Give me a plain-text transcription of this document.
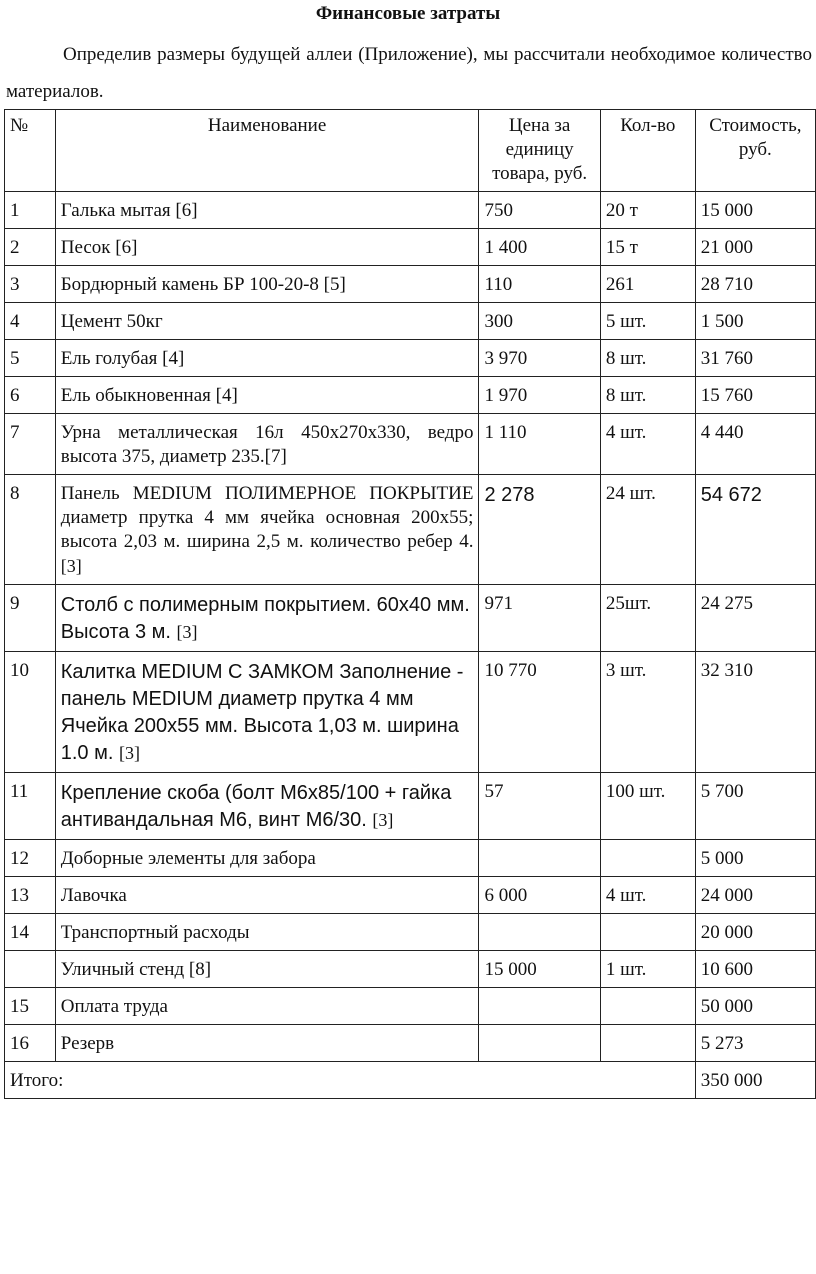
Финансовые затраты
Определив размеры будущей аллеи (Приложение), мы рассчитали необходимое количество материалов.
№	Наименование	Цена за единицу товара, руб.	Кол-во	Стоимость, руб.
1	Галька мытая [6]	750	20 т	15 000
2	Песок [6]	1 400	15 т	21 000
3	Бордюрный камень БР 100-20-8 [5]	110	261	28 710
4	Цемент 50кг	300	5 шт.	1 500
5	Ель голубая [4]	3 970	8 шт.	31 760
6	Ель обыкновенная [4]	1 970	8 шт.	15 760
7	Урна металлическая 16л 450х270х330, ведро высота 375, диаметр 235.[7]	1 110	4 шт.	4 440
8	Панель MEDIUM ПОЛИМЕРНОЕ ПОКРЫТИЕ диаметр прутка 4 мм ячейка основная 200х55; высота 2,03 м. ширина 2,5 м. количество ребер 4. [3]	2 278	24 шт.	54 672
9	Столб с полимерным покрытием. 60х40 мм. Высота 3 м. [3]	971	25шт.	24 275
10	Калитка MEDIUM С ЗАМКОМ Заполнение - панель MEDIUM диаметр прутка 4 мм Ячейка 200х55 мм. Высота 1,03 м. ширина 1.0 м. [3]	10 770	3 шт.	32 310
11	Крепление скоба (болт М6х85/100 + гайка антивандальная М6, винт М6/30. [3]	57	100 шт.	5 700
12	Доборные элементы для забора			5 000
13	Лавочка	6 000	4 шт.	24 000
14	Транспортный расходы			20 000
	Уличный стенд [8]	15 000	1 шт.	10 600
15	Оплата труда			50 000
16	Резерв			5 273
Итого:				350 000
